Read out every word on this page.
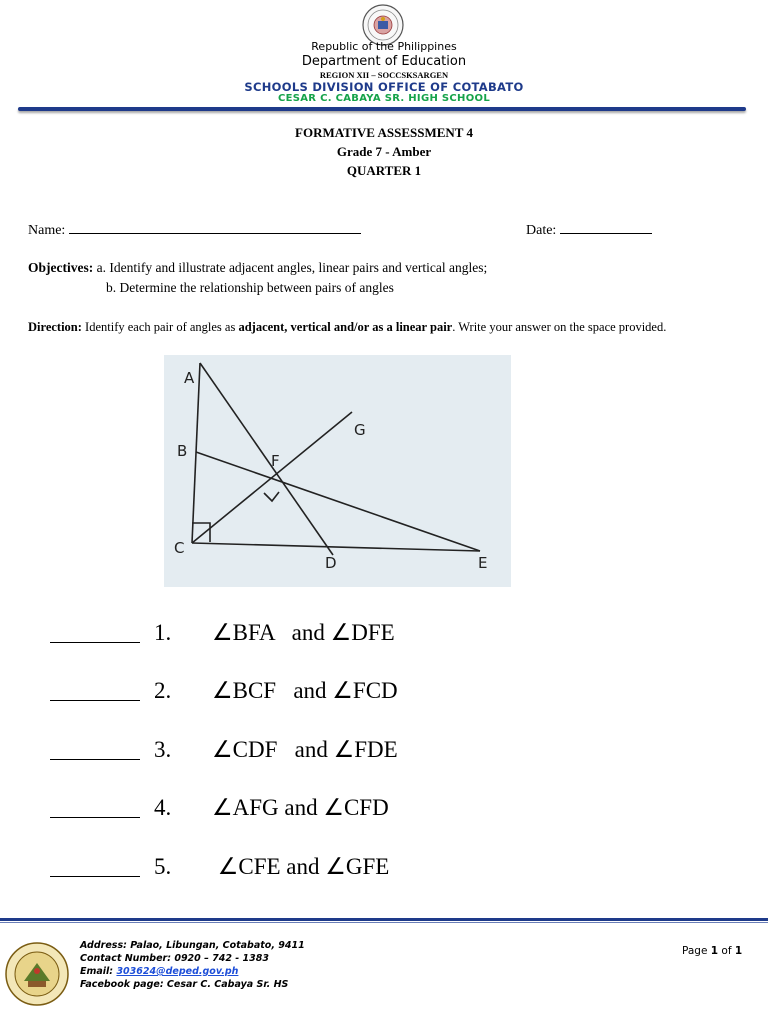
Republic of the Philippines
Department of Education
REGION XII – SOCCSKSARGEN
SCHOOLS DIVISION OFFICE OF COTABATO
CESAR C. CABAYA SR. HIGH SCHOOL
FORMATIVE ASSESSMENT 4
Grade 7 - Amber
QUARTER 1
Name:	Date:
Objectives: a. Identify and illustrate adjacent angles, linear pairs and vertical angles;
b. Determine the relationship between pairs of angles
Direction: Identify each pair of angles as adjacent, vertical and/or as a linear pair. Write your answer on the space provided.
A
B
C
D	E
F
G
1. ∠BFA   and ∠DFE
2. ∠BCF   and ∠FCD
3. ∠CDF   and ∠FDE
4. ∠AFG and ∠CFD
5. ∠CFE and ∠GFE
Address: Palao, Libungan, Cotabato, 9411
Contact Number: 0920 – 742 - 1383
Email: 303624@deped.gov.ph
Facebook page: Cesar C. Cabaya Sr. HS
Page 1 of 1
